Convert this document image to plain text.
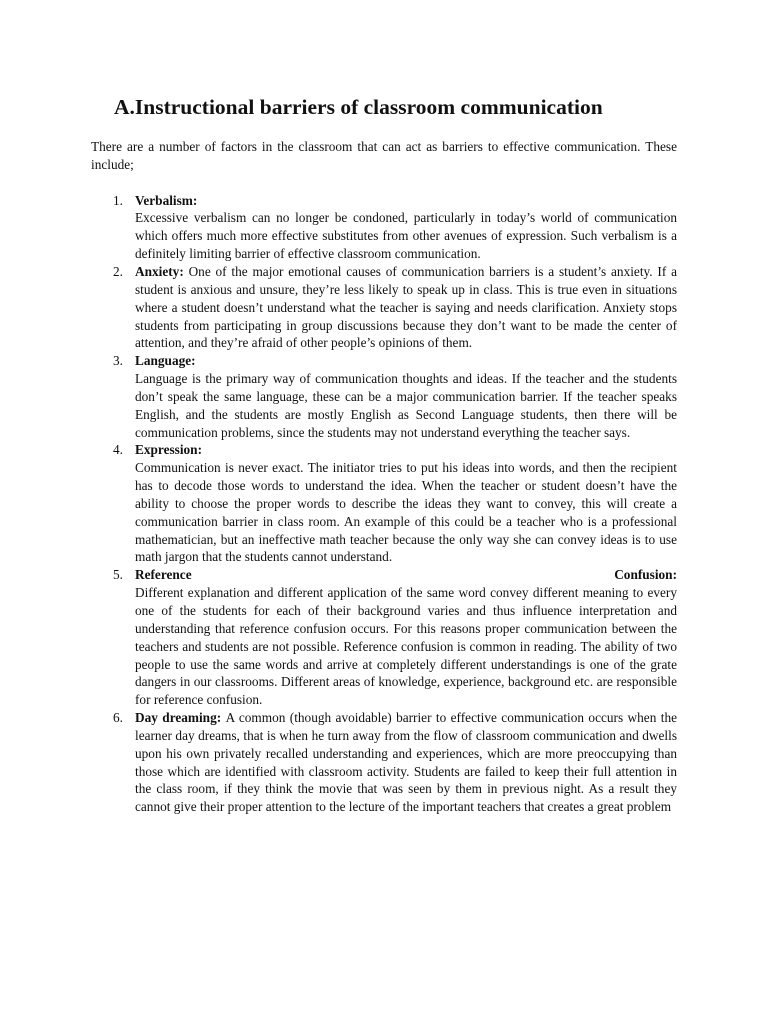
A.Instructional barriers of classroom communication

There are a number of factors in the classroom that can act as barriers to effective communication. These include;

1. Verbalism:
Excessive verbalism can no longer be condoned, particularly in today’s world of communication which offers much more effective substitutes from other avenues of expression. Such verbalism is a definitely limiting barrier of effective classroom communication.
2. Anxiety: One of the major emotional causes of communication barriers is a student’s anxiety. If a student is anxious and unsure, they’re less likely to speak up in class. This is true even in situations where a student doesn’t understand what the teacher is saying and needs clarification. Anxiety stops students from participating in group discussions because they don’t want to be made the center of attention, and they’re afraid of other people’s opinions of them.
3. Language:
Language is the primary way of communication thoughts and ideas. If the teacher and the students don’t speak the same language, these can be a major communication barrier. If the teacher speaks English, and the students are mostly English as Second Language students, then there will be communication problems, since the students may not understand everything the teacher says.
4. Expression:
Communication is never exact. The initiator tries to put his ideas into words, and then the recipient has to decode those words to understand the idea. When the teacher or student doesn’t have the ability to choose the proper words to describe the ideas they want to convey, this will create a communication barrier in class room. An example of this could be a teacher who is a professional mathematician, but an ineffective math teacher because the only way she can convey ideas is to use math jargon that the students cannot understand.
5. Reference	Confusion:
Different explanation and different application of the same word convey different meaning to every one of the students for each of their background varies and thus influence interpretation and understanding that reference confusion occurs. For this reasons proper communication between the teachers and students are not possible. Reference confusion is common in reading. The ability of two people to use the same words and arrive at completely different understandings is one of the grate dangers in our classrooms. Different areas of knowledge, experience, background etc. are responsible for reference confusion.
6. Day dreaming: A common (though avoidable) barrier to effective communication occurs when the learner day dreams, that is when he turn away from the flow of classroom communication and dwells upon his own privately recalled understanding and experiences, which are more preoccupying than those which are identified with classroom activity. Students are failed to keep their full attention in the class room, if they think the movie that was seen by them in previous night. As a result they cannot give their proper attention to the lecture of the important teachers that creates a great problem
